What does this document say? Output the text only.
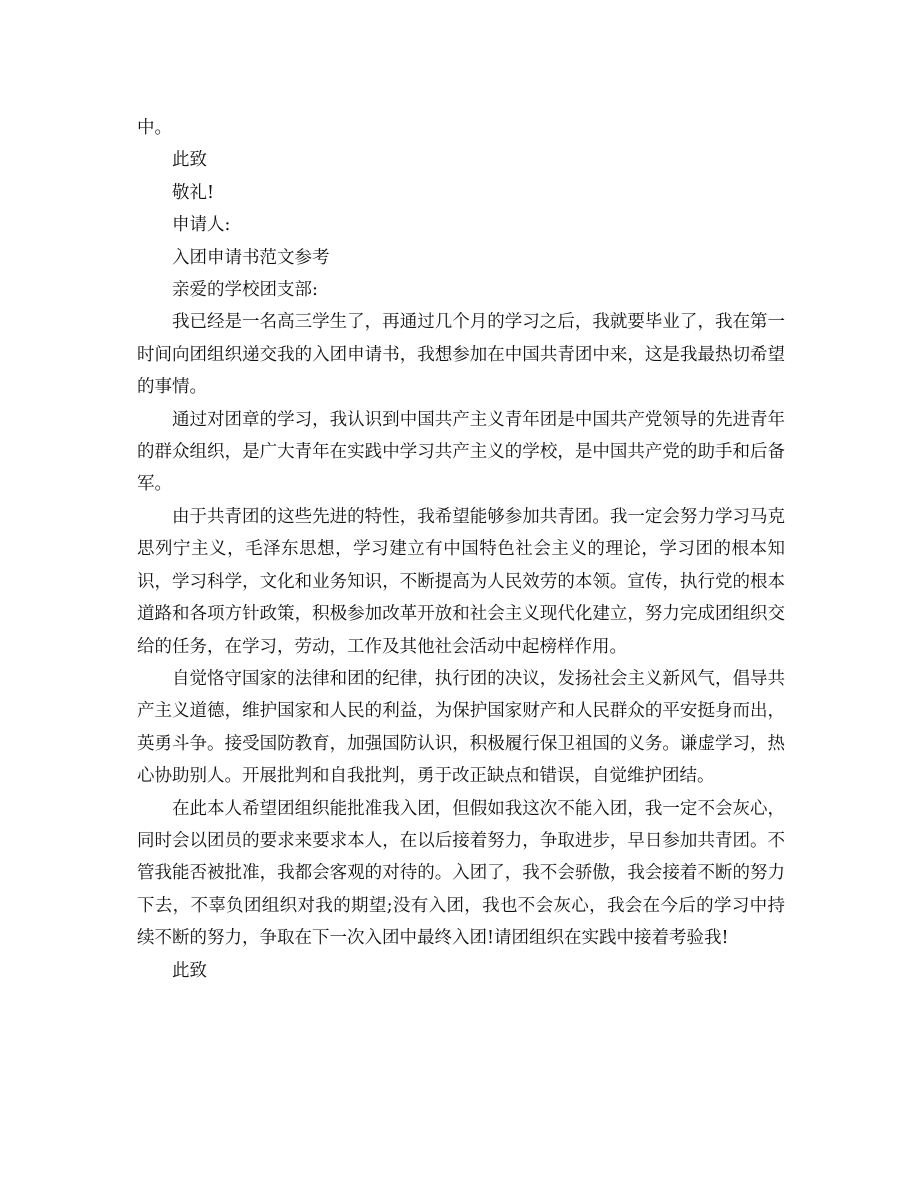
中。

此致

敬礼!

申请人:

入团申请书范文参考

亲爱的学校团支部:

我已经是一名高三学生了，再通过几个月的学习之后，我就要毕业了，我在第一时间向团组织递交我的入团申请书，我想参加在中国共青团中来，这是我最热切希望的事情。

通过对团章的学习，我认识到中国共产主义青年团是中国共产党领导的先进青年的群众组织，是广大青年在实践中学习共产主义的学校，是中国共产党的助手和后备军。

由于共青团的这些先进的特性，我希望能够参加共青团。我一定会努力学习马克思列宁主义，毛泽东思想，学习建立有中国特色社会主义的理论，学习团的根本知识，学习科学，文化和业务知识，不断提高为人民效劳的本领。宣传，执行党的根本道路和各项方针政策，积极参加改革开放和社会主义现代化建立，努力完成团组织交给的任务，在学习，劳动，工作及其他社会活动中起榜样作用。

自觉恪守国家的法律和团的纪律，执行团的决议，发扬社会主义新风气，倡导共产主义道德，维护国家和人民的利益，为保护国家财产和人民群众的平安挺身而出，英勇斗争。接受国防教育，加强国防认识，积极履行保卫祖国的义务。谦虚学习，热心协助别人。开展批判和自我批判，勇于改正缺点和错误，自觉维护团结。

在此本人希望团组织能批准我入团，但假如我这次不能入团，我一定不会灰心，同时会以团员的要求来要求本人，在以后接着努力，争取进步，早日参加共青团。不管我能否被批准，我都会客观的对待的。入团了，我不会骄傲，我会接着不断的努力下去，不辜负团组织对我的期望;没有入团，我也不会灰心，我会在今后的学习中持续不断的努力，争取在下一次入团中最终入团!请团组织在实践中接着考验我!

此致
